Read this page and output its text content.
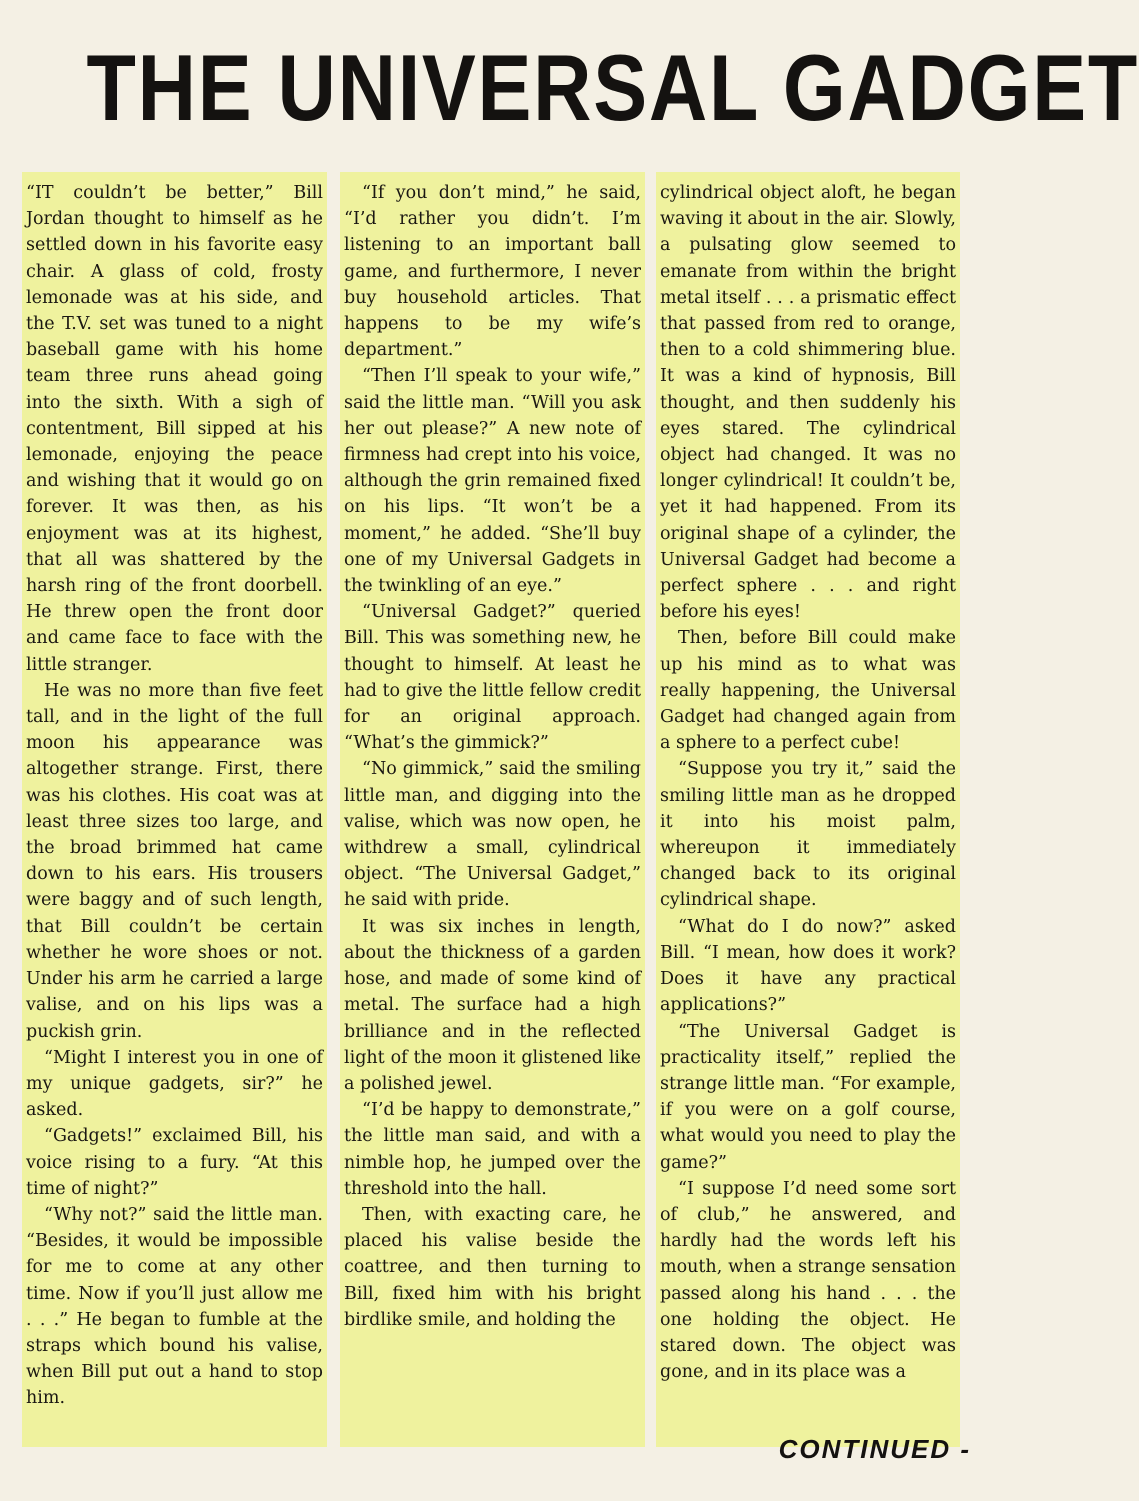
THE UNIVERSAL GADGET

“IT couldn’t be better,” Bill Jordan thought to himself as he settled down in his favorite easy chair. A glass of cold, frosty lemonade was at his side, and the T.V. set was tuned to a night baseball game with his home team three runs ahead going into the sixth. With a sigh of contentment, Bill sipped at his lemonade, enjoying the peace and wishing that it would go on forever. It was then, as his enjoyment was at its highest, that all was shattered by the harsh ring of the front doorbell. He threw open the front door and came face to face with the little stranger.

He was no more than five feet tall, and in the light of the full moon his appearance was altogether strange. First, there was his clothes. His coat was at least three sizes too large, and the broad brimmed hat came down to his ears. His trousers were baggy and of such length, that Bill couldn’t be certain whether he wore shoes or not. Under his arm he carried a large valise, and on his lips was a puckish grin.

“Might I interest you in one of my unique gadgets, sir?” he asked.

“Gadgets!” exclaimed Bill, his voice rising to a fury. “At this time of night?”

“Why not?” said the little man. “Besides, it would be impossible for me to come at any other time. Now if you’ll just allow me . . .” He began to fumble at the straps which bound his valise, when Bill put out a hand to stop him.

“If you don’t mind,” he said, “I’d rather you didn’t. I’m listening to an important ball game, and furthermore, I never buy household articles. That happens to be my wife’s department.”

“Then I’ll speak to your wife,” said the little man. “Will you ask her out please?” A new note of firmness had crept into his voice, although the grin remained fixed on his lips. “It won’t be a moment,” he added. “She’ll buy one of my Universal Gadgets in the twinkling of an eye.”

“Universal Gadget?” queried Bill. This was something new, he thought to himself. At least he had to give the little fellow credit for an original approach. “What’s the gimmick?”

“No gimmick,” said the smiling little man, and digging into the valise, which was now open, he withdrew a small, cylindrical object. “The Universal Gadget,” he said with pride.

It was six inches in length, about the thickness of a garden hose, and made of some kind of metal. The surface had a high brilliance and in the reflected light of the moon it glistened like a polished jewel.

“I’d be happy to demonstrate,” the little man said, and with a nimble hop, he jumped over the threshold into the hall.

Then, with exacting care, he placed his valise beside the coattree, and then turning to Bill, fixed him with his bright birdlike smile, and holding the

cylindrical object aloft, he began waving it about in the air. Slowly, a pulsating glow seemed to emanate from within the bright metal itself . . . a prismatic effect that passed from red to orange, then to a cold shimmering blue. It was a kind of hypnosis, Bill thought, and then suddenly his eyes stared. The cylindrical object had changed. It was no longer cylindrical! It couldn’t be, yet it had happened. From its original shape of a cylinder, the Universal Gadget had become a perfect sphere . . . and right before his eyes!

Then, before Bill could make up his mind as to what was really happening, the Universal Gadget had changed again from a sphere to a perfect cube!

“Suppose you try it,” said the smiling little man as he dropped it into his moist palm, whereupon it immediately changed back to its original cylindrical shape.

“What do I do now?” asked Bill. “I mean, how does it work? Does it have any practical applications?”

“The Universal Gadget is practicality itself,” replied the strange little man. “For example, if you were on a golf course, what would you need to play the game?”

“I suppose I’d need some sort of club,” he answered, and hardly had the words left his mouth, when a strange sensation passed along his hand . . . the one holding the object. He stared down. The object was gone, and in its place was a

CONTINUED -
